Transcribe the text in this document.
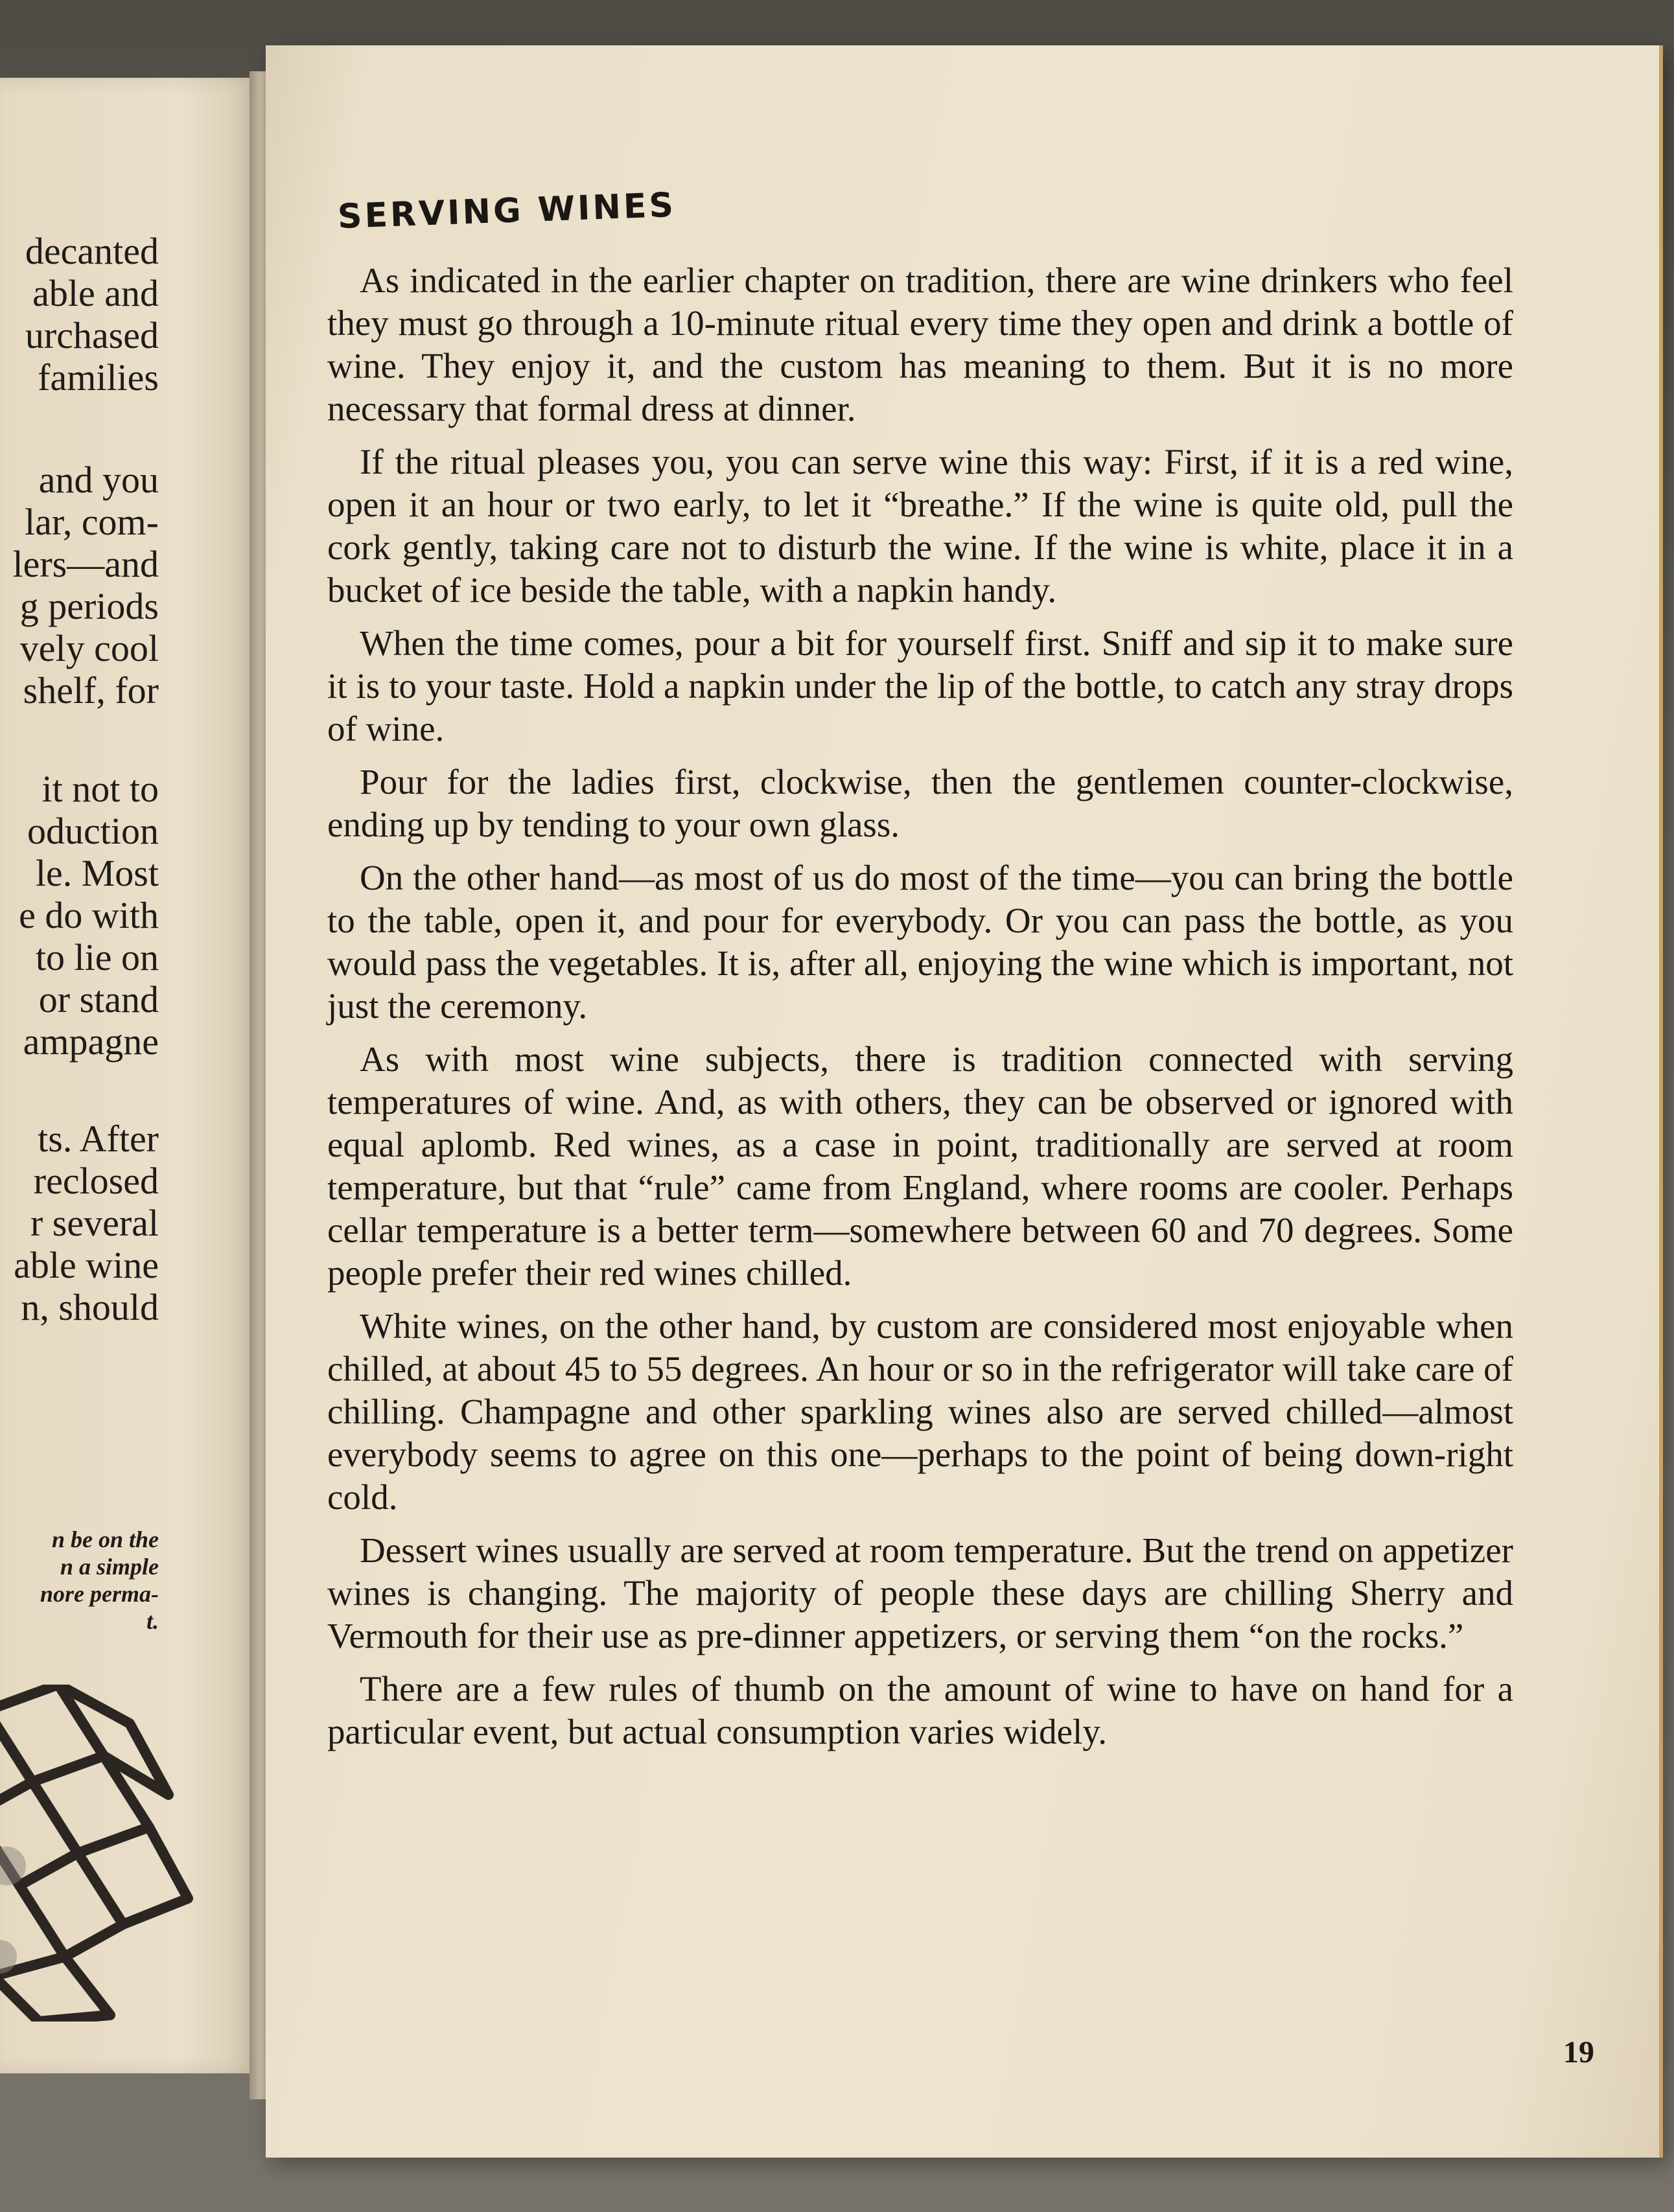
decanted
able and
urchased
families
and you
lar, com-
lers—and
g periods
vely cool
shelf, for
it not to
oduction
le. Most
e do with
to lie on
or stand
ampagne
ts. After
reclosed
r several
able wine
n, should
n be on the
n a simple
nore perma-
t.
SERVING WINES

As indicated in the earlier chapter on tradition, there are wine drinkers who feel they must go through a 10-minute ritual every time they open and drink a bottle of wine. They enjoy it, and the custom has meaning to them. But it is no more necessary that formal dress at dinner.

If the ritual pleases you, you can serve wine this way: First, if it is a red wine, open it an hour or two early, to let it “breathe.” If the wine is quite old, pull the cork gently, taking care not to disturb the wine. If the wine is white, place it in a bucket of ice beside the table, with a napkin handy.

When the time comes, pour a bit for yourself first. Sniff and sip it to make sure it is to your taste. Hold a napkin under the lip of the bottle, to catch any stray drops of wine.

Pour for the ladies first, clockwise, then the gentlemen counter-clockwise, ending up by tending to your own glass.

On the other hand—as most of us do most of the time—you can bring the bottle to the table, open it, and pour for everybody. Or you can pass the bottle, as you would pass the vegetables. It is, after all, enjoying the wine which is important, not just the ceremony.

As with most wine subjects, there is tradition connected with serving temperatures of wine. And, as with others, they can be observed or ignored with equal aplomb. Red wines, as a case in point, traditionally are served at room temperature, but that “rule” came from England, where rooms are cooler. Perhaps cellar temperature is a better term—somewhere between 60 and 70 degrees. Some people prefer their red wines chilled.

White wines, on the other hand, by custom are considered most enjoyable when chilled, at about 45 to 55 degrees. An hour or so in the refrigerator will take care of chilling. Champagne and other sparkling wines also are served chilled—almost everybody seems to agree on this one—perhaps to the point of being down-right cold.

Dessert wines usually are served at room temperature. But the trend on appetizer wines is changing. The majority of people these days are chilling Sherry and Vermouth for their use as pre-dinner appetizers, or serving them “on the rocks.”

There are a few rules of thumb on the amount of wine to have on hand for a particular event, but actual consumption varies widely.

19
